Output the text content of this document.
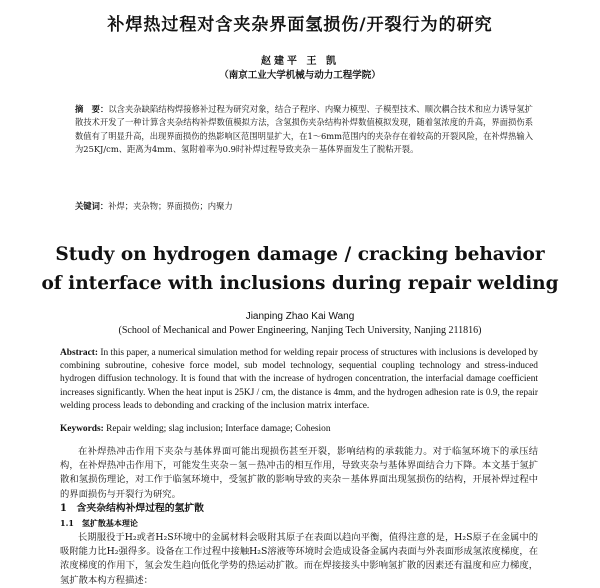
补焊热过程对含夹杂界面氢损伤/开裂行为的研究
赵建平 王 凯
（南京工业大学机械与动力工程学院）
摘　要：以含夹杂缺陷结构焊接修补过程为研究对象，结合子程序、内聚力模型、子模型技术、顺次耦合技术和应力诱导氢扩散技术开发了一种计算含夹杂结构补焊数值模拟方法，含氢损伤夹杂结构补焊数值模拟发现，随着氢浓度的升高，界面损伤系数值有了明显升高，出现界面损伤的热影响区范围明显扩大，在1～6mm范围内的夹杂存在着较高的开裂风险，在补焊热输入为25KJ/cm、距离为4mm、氢附着率为0.9时补焊过程导致夹杂－基体界面发生了脱粘开裂。
关键词：补焊；夹杂物；界面损伤；内聚力
Study on hydrogen damage / cracking behavior
of interface with inclusions during repair welding
Jianping Zhao Kai Wang
(School of Mechanical and Power Engineering, Nanjing Tech University, Nanjing 211816)
Abstract: In this paper, a numerical simulation method for welding repair process of structures with inclusions is developed by combining subroutine, cohesive force model, sub model technology, sequential coupling technology and stress-induced hydrogen diffusion technology. It is found that with the increase of hydrogen concentration, the interfacial damage coefficient increases significantly. When the heat input is 25KJ / cm, the distance is 4mm, and the hydrogen adhesion rate is 0.9, the repair welding process leads to debonding and cracking of the inclusion matrix interface.
Keywords: Repair welding; slag inclusion; Interface damage; Cohesion
在补焊热冲击作用下夹杂与基体界面可能出现损伤甚至开裂，影响结构的承载能力。对于临氢环境下的承压结构，在补焊热冲击作用下，可能发生夹杂－氢－热冲击的相互作用，导致夹杂与基体界面结合力下降。本文基于氢扩散和氢损伤理论，对工作于临氢环境中，受氢扩散的影响导致的夹杂－基体界面出现氢损伤的结构，开展补焊过程中的界面损伤与开裂行为研究。
1　含夹杂结构补焊过程的氢扩散
1.1　氢扩散基本理论
长期服役于H₂或者H₂S环境中的金属材料会吸附其原子在表面以趋向平衡，值得注意的是，H₂S原子在金属中的吸附能力比H₂强得多。设备在工作过程中接触H₂S溶液等环境时会造成设备金属内表面与外表面形成氢浓度梯度，在浓度梯度的作用下，氢会发生趋向低化学势的热运动扩散。而在焊接接头中影响氢扩散的因素还有温度和应力梯度，氢扩散本构方程描述：
